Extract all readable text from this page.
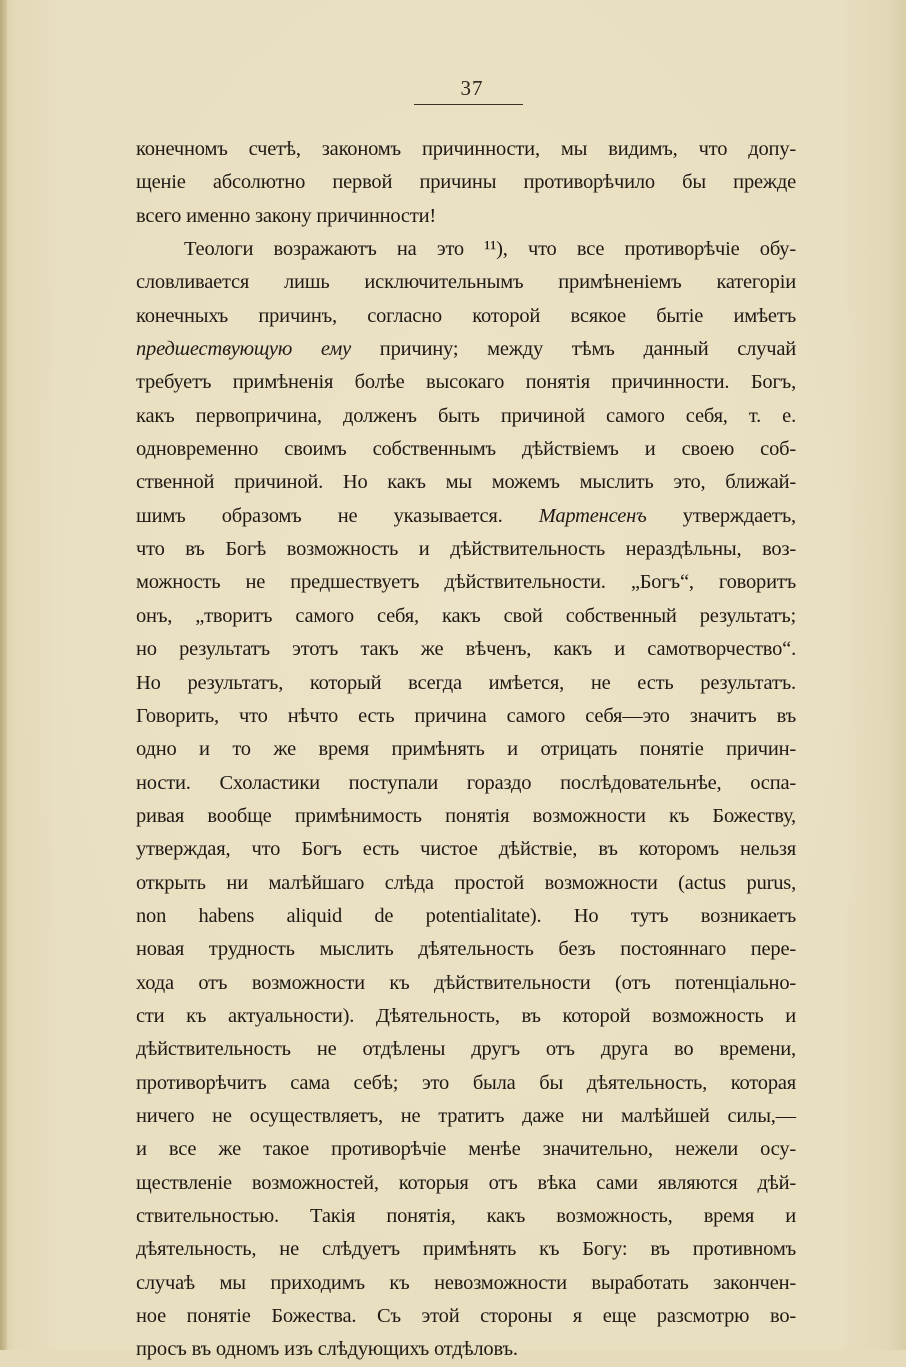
37
конечномъ счетѣ, закономъ причинности, мы видимъ, что допу-
щеніе абсолютно первой причины противорѣчило бы прежде
всего именно закону причинности!
Теологи возражаютъ на это ¹¹), что все противорѣчіе обу-
словливается лишь исключительнымъ примѣненіемъ категоріи
конечныхъ причинъ, согласно которой всякое бытіе имѣетъ
предшествующую ему причину; между тѣмъ данный случай
требуетъ примѣненія болѣе высокаго понятія причинности. Богъ,
какъ первопричина, долженъ быть причиной самого себя, т. е.
одновременно своимъ собственнымъ дѣйствіемъ и своею соб-
ственной причиной. Но какъ мы можемъ мыслить это, ближай-
шимъ образомъ не указывается. Мартенсенъ утверждаетъ,
что въ Богѣ возможность и дѣйствительность нераздѣльны, воз-
можность не предшествуетъ дѣйствительности. „Богъ“, говоритъ
онъ, „творитъ самого себя, какъ свой собственный результатъ;
но результатъ этотъ такъ же вѣченъ, какъ и самотворчество“.
Но результатъ, который всегда имѣется, не есть результатъ.
Говорить, что нѣчто есть причина самого себя—это значитъ въ
одно и то же время примѣнять и отрицать понятіе причин-
ности. Схоластики поступали гораздо послѣдовательнѣе, оспа-
ривая вообще примѣнимость понятія возможности къ Божеству,
утверждая, что Богъ есть чистое дѣйствіе, въ которомъ нельзя
открыть ни малѣйшаго слѣда простой возможности (actus purus,
non habens aliquid de potentialitate). Но тутъ возникаетъ
новая трудность мыслить дѣятельность безъ постояннаго пере-
хода отъ возможности къ дѣйствительности (отъ потенціально-
сти къ актуальности). Дѣятельность, въ которой возможность и
дѣйствительность не отдѣлены другъ отъ друга во времени,
противорѣчитъ сама себѣ; это была бы дѣятельность, которая
ничего не осуществляетъ, не тратитъ даже ни малѣйшей силы,—
и все же такое противорѣчіе менѣе значительно, нежели осу-
ществленіе возможностей, которыя отъ вѣка сами являются дѣй-
ствительностью. Такія понятія, какъ возможность, время и
дѣятельность, не слѣдуетъ примѣнять къ Богу: въ противномъ
случаѣ мы приходимъ къ невозможности выработать закончен-
ное понятіе Божества. Съ этой стороны я еще разсмотрю во-
просъ въ одномъ изъ слѣдующихъ отдѣловъ.
